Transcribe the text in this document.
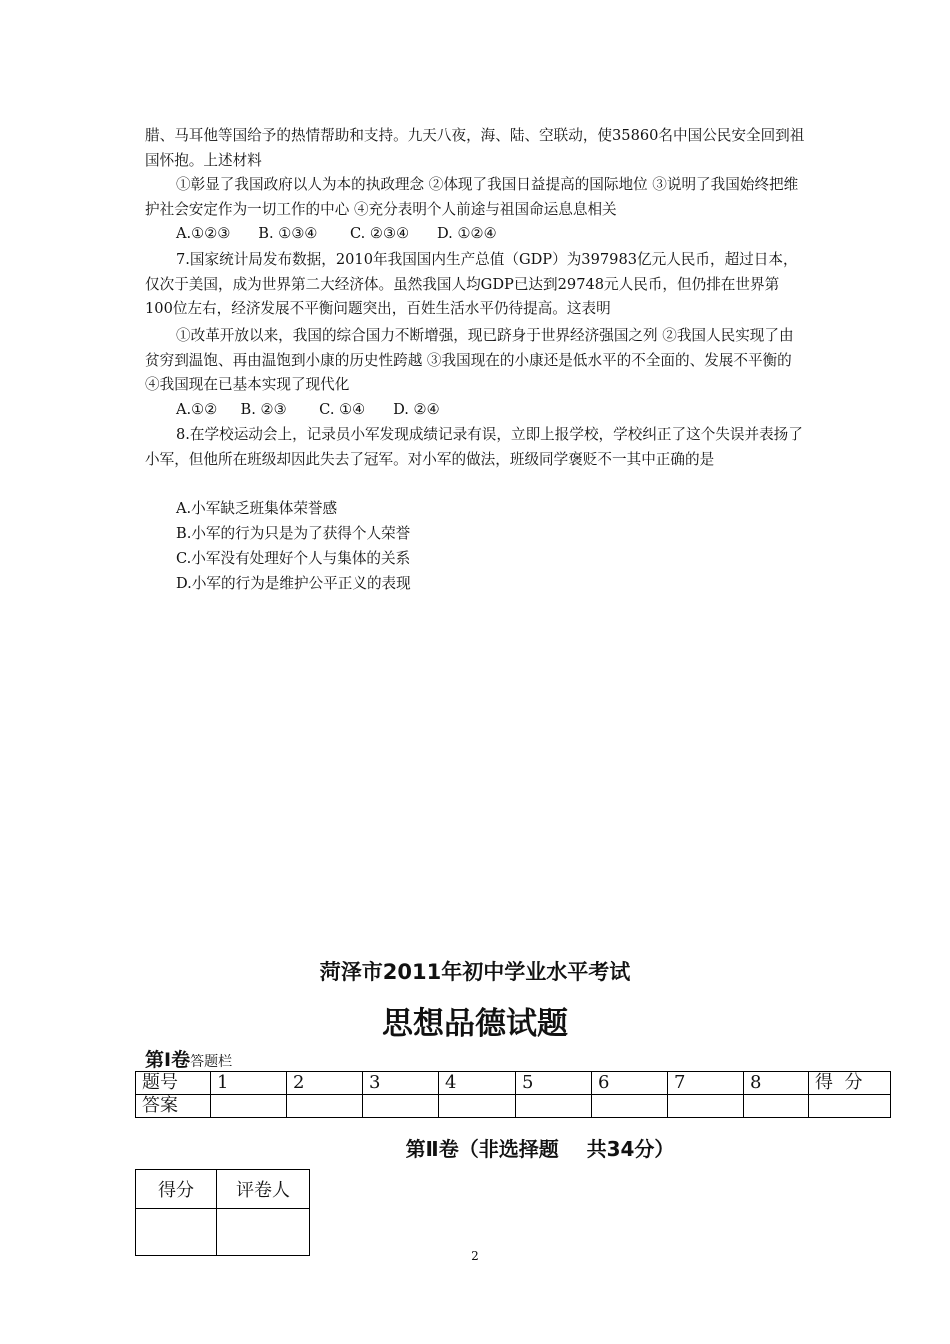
腊、马耳他等国给予的热情帮助和支持。九天八夜，海、陆、空联动，使35860名中国公民安全回到祖国怀抱。上述材料

①彰显了我国政府以人为本的执政理念 ②体现了我国日益提高的国际地位 ③说明了我国始终把维护社会安定作为一切工作的中心 ④充分表明个人前途与祖国命运息息相关

A.①②③      B. ①③④       C. ②③④      D. ①②④

7.国家统计局发布数据，2010年我国国内生产总值（GDP）为397983亿元人民币，超过日本，仅次于美国，成为世界第二大经济体。虽然我国人均GDP已达到29748元人民币，但仍排在世界第100位左右，经济发展不平衡问题突出，百姓生活水平仍待提高。这表明

①改革开放以来，我国的综合国力不断增强，现已跻身于世界经济强国之列 ②我国人民实现了由贫穷到温饱、再由温饱到小康的历史性跨越 ③我国现在的小康还是低水平的不全面的、发展不平衡的 ④我国现在已基本实现了现代化

A.①②     B. ②③       C. ①④      D. ②④

8.在学校运动会上，记录员小军发现成绩记录有误，立即上报学校，学校纠正了这个失误并表扬了小军，但他所在班级却因此失去了冠军。对小军的做法，班级同学褒贬不一其中正确的是

A.小军缺乏班集体荣誉感

B.小军的行为只是为了获得个人荣誉

C.小军没有处理好个人与集体的关系

D.小军的行为是维护公平正义的表现

菏泽市2011年初中学业水平考试
思想品德试题
第Ⅰ卷答题栏
题号	1	2	3	4	5	6	7	8	得  分
答案									
第Ⅱ卷（非选择题    共34分）
得分	评卷人

2
